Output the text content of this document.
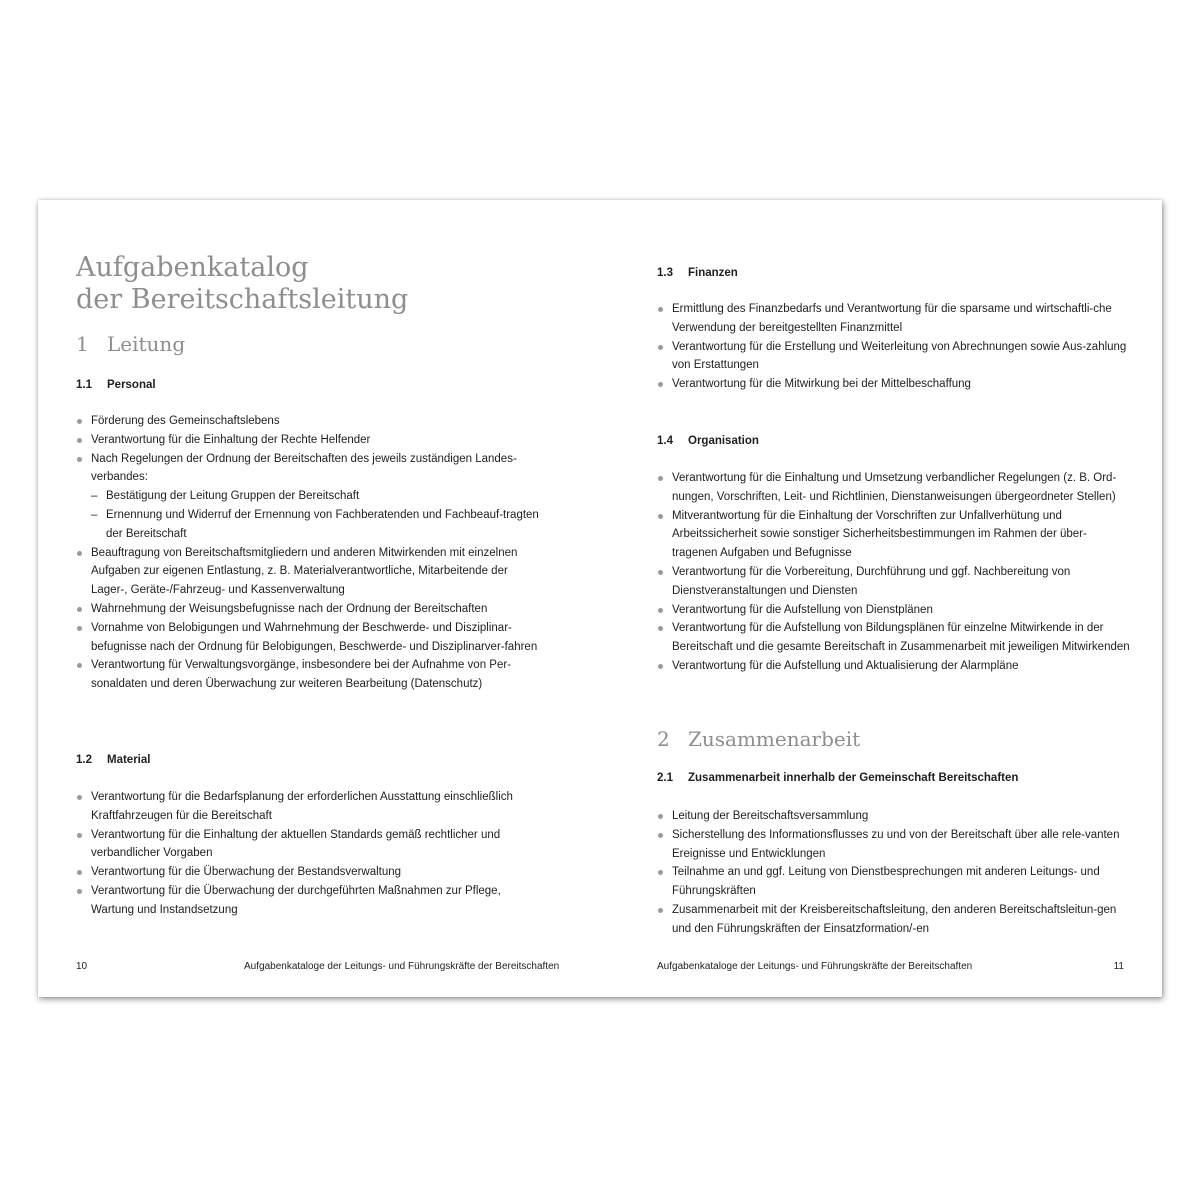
Aufgabenkatalog
der Bereitschaftsleitung
1 Leitung
1.1 Personal
Förderung des Gemeinschaftslebens
Verantwortung für die Einhaltung der Rechte Helfender
Nach Regelungen der Ordnung der Bereitschaften des jeweils zuständigen Landes-verbandes:
– Bestätigung der Leitung Gruppen der Bereitschaft
– Ernennung und Widerruf der Ernennung von Fachberatenden und Fachbeauf-tragten der Bereitschaft
Beauftragung von Bereitschaftsmitgliedern und anderen Mitwirkenden mit einzelnen Aufgaben zur eigenen Entlastung, z. B. Materialverantwortliche, Mitarbeitende der Lager-, Geräte-/Fahrzeug- und Kassenverwaltung
Wahrnehmung der Weisungsbefugnisse nach der Ordnung der Bereitschaften
Vornahme von Belobigungen und Wahrnehmung der Beschwerde- und Disziplinar-befugnisse nach der Ordnung für Belobigungen, Beschwerde- und Disziplinarver-fahren
Verantwortung für Verwaltungsvorgänge, insbesondere bei der Aufnahme von Per-sonaldaten und deren Überwachung zur weiteren Bearbeitung (Datenschutz)
1.2 Material
Verantwortung für die Bedarfsplanung der erforderlichen Ausstattung einschließlich Kraftfahrzeugen für die Bereitschaft
Verantwortung für die Einhaltung der aktuellen Standards gemäß rechtlicher und verbandlicher Vorgaben
Verantwortung für die Überwachung der Bestandsverwaltung
Verantwortung für die Überwachung der durchgeführten Maßnahmen zur Pflege, Wartung und Instandsetzung
10	Aufgabenkataloge der Leitungs- und Führungskräfte der Bereitschaften
1.3 Finanzen
Ermittlung des Finanzbedarfs und Verantwortung für die sparsame und wirtschaftli-che Verwendung der bereitgestellten Finanzmittel
Verantwortung für die Erstellung und Weiterleitung von Abrechnungen sowie Aus-zahlung von Erstattungen
Verantwortung für die Mitwirkung bei der Mittelbeschaffung
1.4 Organisation
Verantwortung für die Einhaltung und Umsetzung verbandlicher Regelungen (z. B. Ord-nungen, Vorschriften, Leit- und Richtlinien, Dienstanweisungen übergeordneter Stellen)
Mitverantwortung für die Einhaltung der Vorschriften zur Unfallverhütung und Arbeitssicherheit sowie sonstiger Sicherheitsbestimmungen im Rahmen der über-tragenen Aufgaben und Befugnisse
Verantwortung für die Vorbereitung, Durchführung und ggf. Nachbereitung von Dienstveranstaltungen und Diensten
Verantwortung für die Aufstellung von Dienstplänen
Verantwortung für die Aufstellung von Bildungsplänen für einzelne Mitwirkende in der Bereitschaft und die gesamte Bereitschaft in Zusammenarbeit mit jeweiligen Mitwirkenden
Verantwortung für die Aufstellung und Aktualisierung der Alarmpläne
2 Zusammenarbeit
2.1 Zusammenarbeit innerhalb der Gemeinschaft Bereitschaften
Leitung der Bereitschaftsversammlung
Sicherstellung des Informationsflusses zu und von der Bereitschaft über alle rele-vanten Ereignisse und Entwicklungen
Teilnahme an und ggf. Leitung von Dienstbesprechungen mit anderen Leitungs- und Führungskräften
Zusammenarbeit mit der Kreisbereitschaftsleitung, den anderen Bereitschaftsleitun-gen und den Führungskräften der Einsatzformation/-en
Aufgabenkataloge der Leitungs- und Führungskräfte der Bereitschaften	11
